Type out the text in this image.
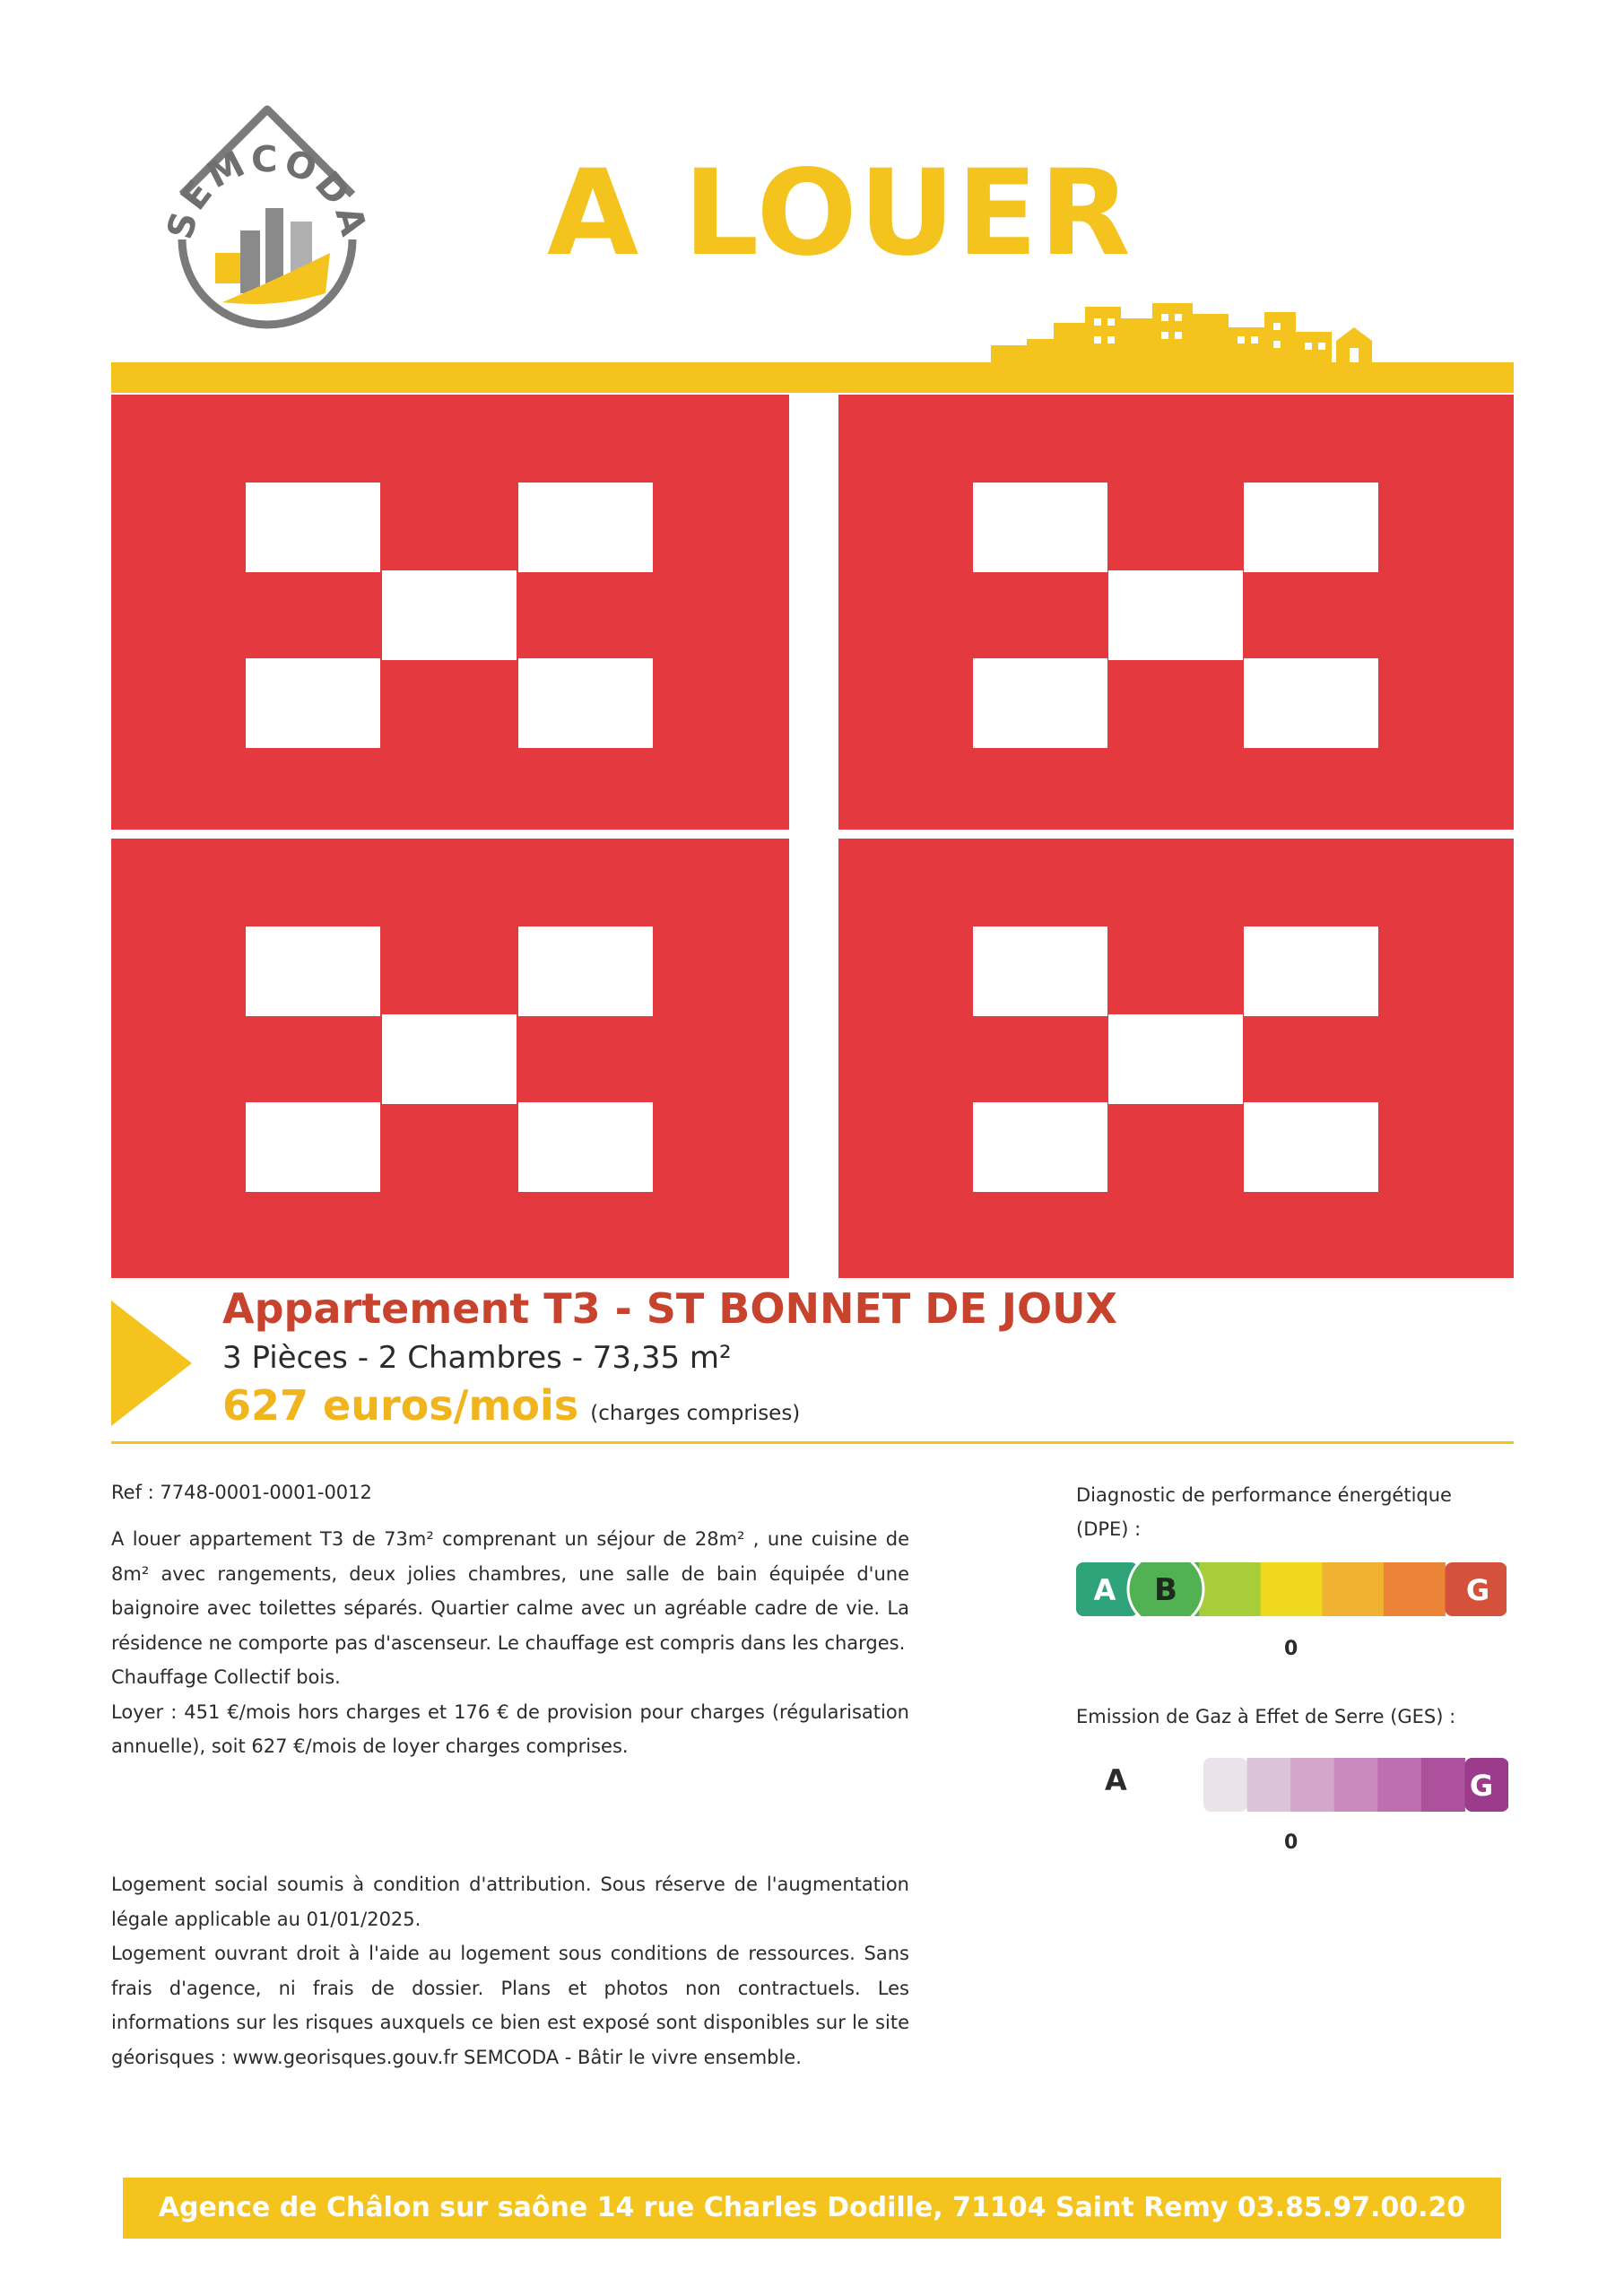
SEMCODA A LOUER
Appartement T3 - ST BONNET DE JOUX
3 Pièces - 2 Chambres - 73,35 m²
627 euros/mois (charges comprises)
Ref : 7748-0001-0001-0012

A louer appartement T3 de 73m² comprenant un séjour de 28m² , une cuisine de 8m² avec rangements, deux jolies chambres, une salle de bain équipée d'une baignoire avec toilettes séparés. Quartier calme avec un agréable cadre de vie. La résidence ne comporte pas d'ascenseur. Le chauffage est compris dans les charges.

Chauffage Collectif bois.

Loyer : 451 €/mois hors charges et 176 € de provision pour charges (régularisation annuelle), soit 627 €/mois de loyer charges comprises.

Logement social soumis à condition d'attribution. Sous réserve de l'augmentation légale applicable au 01/01/2025.

Logement ouvrant droit à l'aide au logement sous conditions de ressources. Sans frais d'agence, ni frais de dossier. Plans et photos non contractuels. Les informations sur les risques auxquels ce bien est exposé sont disponibles sur le site géorisques : www.georisques.gouv.fr SEMCODA - Bâtir le vivre ensemble.

Diagnostic de performance énergétique (DPE) :
A B	G
0
Emission de Gaz à Effet de Serre (GES) :
A	G
0
Agence de Châlon sur saône 14 rue Charles Dodille, 71104 Saint Remy 03.85.97.00.20
